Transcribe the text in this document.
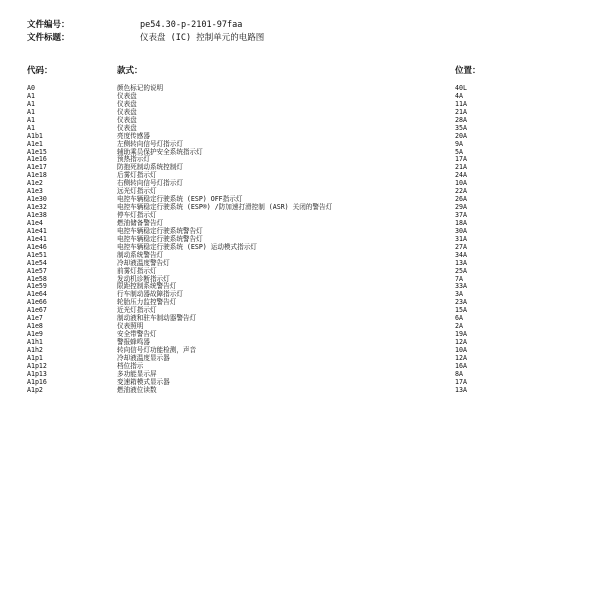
文件编号：	pe54.30-p-2101-97faa
文件标题：	仪表盘 (IC) 控制单元的电路图
代码：	款式：	位置：
A0	颜色标记的说明	40L
A1	仪表盘	4A
A1	仪表盘	11A
A1	仪表盘	21A
A1	仪表盘	28A
A1	仪表盘	35A
A1b1	亮度传感器	20A
A1e1	左侧转向信号灯指示灯	9A
A1e15	辅助乘员保护安全系统指示灯	5A
A1e16	预热指示灯	17A
A1e17	防抱死制动系统控制灯	21A
A1e18	后雾灯指示灯	24A
A1e2	右侧转向信号灯指示灯	10A
A1e3	远光灯指示灯	22A
A1e30	电控车辆稳定行驶系统 (ESP) OFF指示灯	26A
A1e32	电控车辆稳定行驶系统 (ESP®) /防加速打滑控制 (ASR) 关闭的警告灯	29A
A1e38	停车灯指示灯	37A
A1e4	燃油储备警告灯	18A
A1e41	电控车辆稳定行驶系统警告灯	30A
A1e41	电控车辆稳定行驶系统警告灯	31A
A1e46	电控车辆稳定行驶系统 (ESP) 运动模式指示灯	27A
A1e51	制动系统警告灯	34A
A1e54	冷却液温度警告灯	13A
A1e57	前雾灯指示灯	25A
A1e58	发动机诊断指示灯	7A
A1e59	限距控制系统警告灯	33A
A1e64	行车制动器故障指示灯	3A
A1e66	轮胎压力监控警告灯	23A
A1e67	近光灯指示灯	15A
A1e7	制动液和驻车制动器警告灯	6A
A1e8	仪表照明	2A
A1e9	安全带警告灯	19A
A1h1	警报蜂鸣器	12A
A1h2	转向信号灯功能检测，声音	10A
A1p1	冷却液温度显示器	12A
A1p12	档位指示	16A
A1p13	多功能显示屏	8A
A1p16	变速箱模式显示器	17A
A1p2	燃油液位读数	13A
